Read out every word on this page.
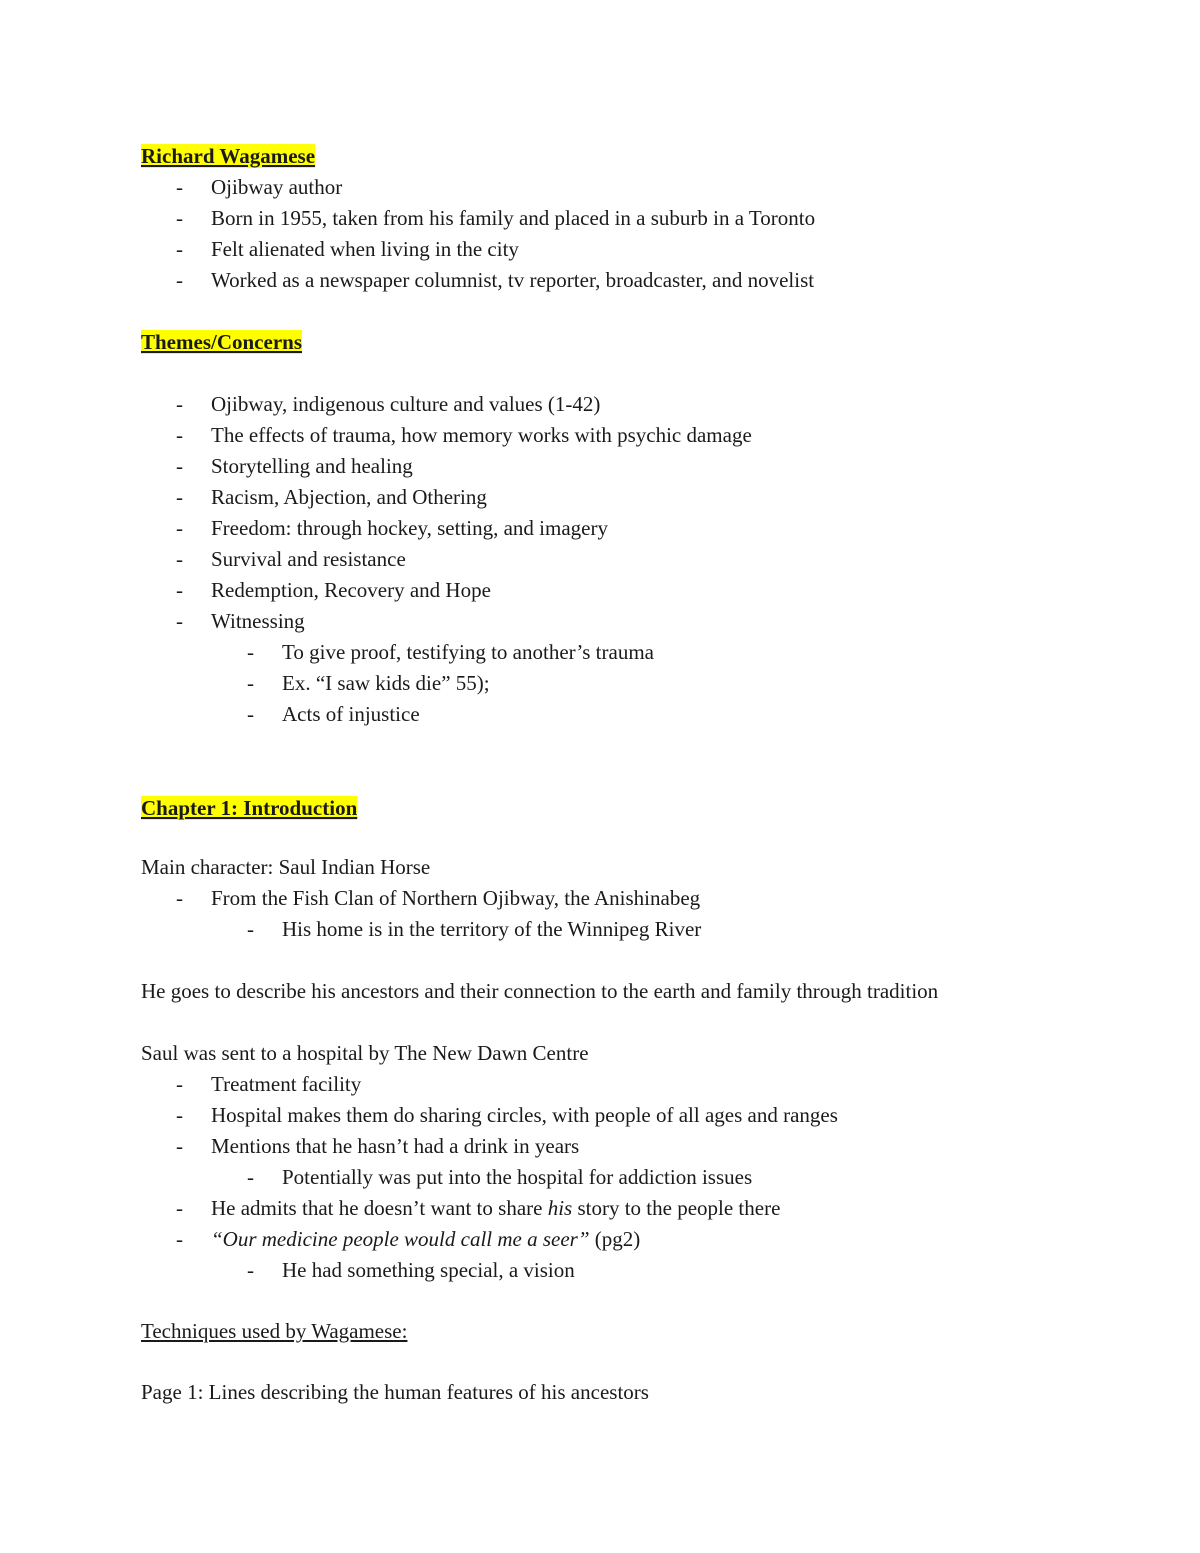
Richard Wagamese
-	Ojibway author
-	Born in 1955, taken from his family and placed in a suburb in a Toronto
-	Felt alienated when living in the city
-	Worked as a newspaper columnist, tv reporter, broadcaster, and novelist
Themes/Concerns
-	Ojibway, indigenous culture and values (1-42)
-	The effects of trauma, how memory works with psychic damage
-	Storytelling and healing
-	Racism, Abjection, and Othering
-	Freedom: through hockey, setting, and imagery
-	Survival and resistance
-	Redemption, Recovery and Hope
-	Witnessing
-	To give proof, testifying to another’s trauma
-	Ex. “I saw kids die” 55);
-	Acts of injustice
Chapter 1: Introduction
Main character: Saul Indian Horse
-	From the Fish Clan of Northern Ojibway, the Anishinabeg
-	His home is in the territory of the Winnipeg River
He goes to describe his ancestors and their connection to the earth and family through tradition
Saul was sent to a hospital by The New Dawn Centre
-	Treatment facility
-	Hospital makes them do sharing circles, with people of all ages and ranges
-	Mentions that he hasn’t had a drink in years
-	Potentially was put into the hospital for addiction issues
-	He admits that he doesn’t want to share his story to the people there
-	“Our medicine people would call me a seer” (pg2)
-	He had something special, a vision
Techniques used by Wagamese:
Page 1: Lines describing the human features of his ancestors
